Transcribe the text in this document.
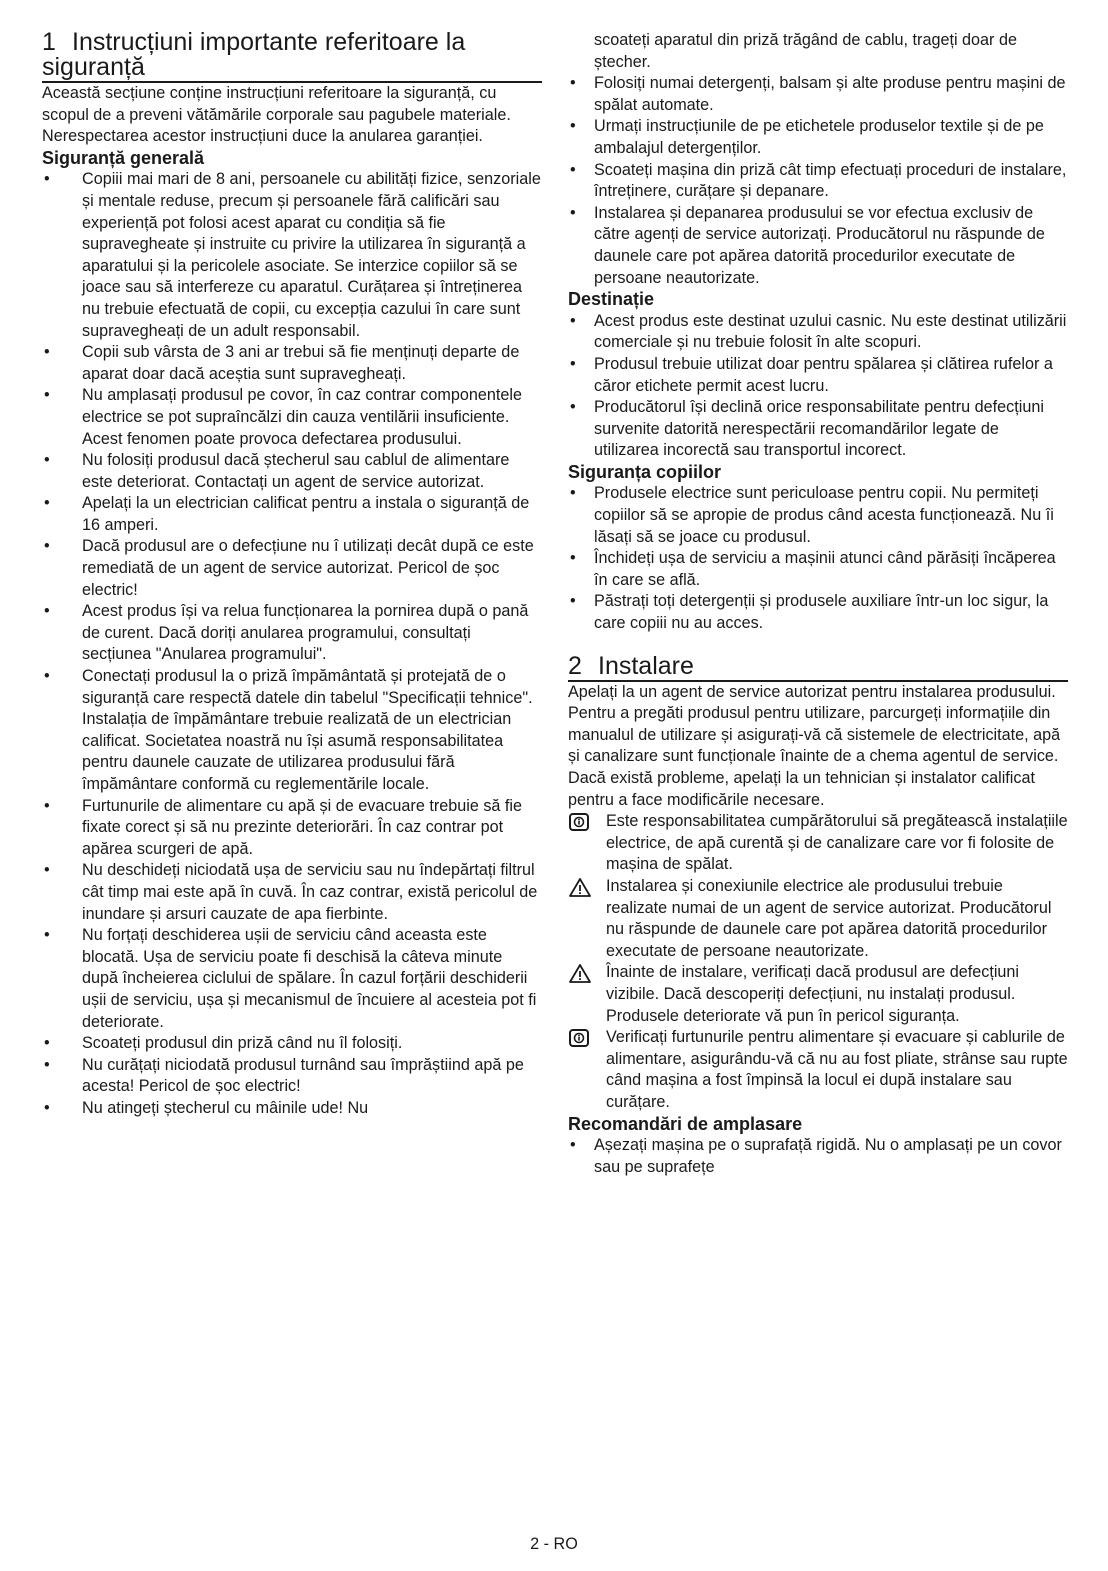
1 Instrucțiuni importante referitoare la siguranță

Această secțiune conține instrucțiuni referitoare la siguranță, cu scopul de a preveni vătămările corporale sau pagubele materiale. Nerespectarea acestor instrucțiuni duce la anularea garanției.

Siguranță generală
• Copiii mai mari de 8 ani, persoanele cu abilități fizice, senzoriale și mentale reduse, precum și persoanele fără calificări sau experiență pot folosi acest aparat cu condiția să fie supravegheate și instruite cu privire la utilizarea în siguranță a aparatului și la pericolele asociate. Se interzice copiilor să se joace sau să interfereze cu aparatul. Curățarea și întreținerea nu trebuie efectuată de copii, cu excepția cazului în care sunt supravegheați de un adult responsabil.
• Copii sub vârsta de 3 ani ar trebui să fie menținuți departe de aparat doar dacă aceștia sunt supravegheați.
• Nu amplasați produsul pe covor, în caz contrar componentele electrice se pot supraîncălzi din cauza ventilării insuficiente. Acest fenomen poate provoca defectarea produsului.
• Nu folosiți produsul dacă ștecherul sau cablul de alimentare este deteriorat. Contactați un agent de service autorizat.
• Apelați la un electrician calificat pentru a instala o siguranță de 16 amperi.
• Dacă produsul are o defecțiune nu î utilizați decât după ce este remediată de un agent de service autorizat. Pericol de șoc electric!
• Acest produs își va relua funcționarea la pornirea după o pană de curent. Dacă doriți anularea programului, consultați secțiunea "Anularea programului".
• Conectați produsul la o priză împământată și protejată de o siguranță care respectă datele din tabelul "Specificații tehnice". Instalația de împământare trebuie realizată de un electrician calificat. Societatea noastră nu își asumă responsabilitatea pentru daunele cauzate de utilizarea produsului fără împământare conformă cu reglementările locale.
• Furtunurile de alimentare cu apă și de evacuare trebuie să fie fixate corect și să nu prezinte deteriorări. În caz contrar pot apărea scurgeri de apă.
• Nu deschideți niciodată ușa de serviciu sau nu îndepărtați filtrul cât timp mai este apă în cuvă. În caz contrar, există pericolul de inundare și arsuri cauzate de apa fierbinte.
• Nu forțați deschiderea ușii de serviciu când aceasta este blocată. Ușa de serviciu poate fi deschisă la câteva minute după încheierea ciclului de spălare. În cazul forțării deschiderii ușii de serviciu, ușa și mecanismul de încuiere al acesteia pot fi deteriorate.
• Scoateți produsul din priză când nu îl folosiți.
• Nu curățați niciodată produsul turnând sau împrăștiind apă pe acesta! Pericol de șoc electric!
• Nu atingeți ștecherul cu mâinile ude! Nu

scoateți aparatul din priză trăgând de cablu, trageți doar de ștecher.

• Folosiți numai detergenți, balsam și alte produse pentru mașini de spălat automate.
• Urmați instrucțiunile de pe etichetele produselor textile și de pe ambalajul detergenților.
• Scoateți mașina din priză cât timp efectuați proceduri de instalare, întreținere, curățare și depanare.
• Instalarea și depanarea produsului se vor efectua exclusiv de către agenți de service autorizați. Producătorul nu răspunde de daunele care pot apărea datorită procedurilor executate de persoane neautorizate.
Destinație
• Acest produs este destinat uzului casnic. Nu este destinat utilizării comerciale și nu trebuie folosit în alte scopuri.
• Produsul trebuie utilizat doar pentru spălarea și clătirea rufelor a căror etichete permit acest lucru.
• Producătorul își declină orice responsabilitate pentru defecțiuni survenite datorită nerespectării recomandărilor legate de utilizarea incorectă sau transportul incorect.
Siguranța copiilor
• Produsele electrice sunt periculoase pentru copii. Nu permiteți copiilor să se apropie de produs când acesta funcționează. Nu îi lăsați să se joace cu produsul.
• Închideți ușa de serviciu a mașinii atunci când părăsiți încăperea în care se află.
• Păstrați toți detergenții și produsele auxiliare într-un loc sigur, la care copiii nu au acces.
2 Instalare

Apelați la un agent de service autorizat pentru instalarea produsului. Pentru a pregăti produsul pentru utilizare, parcurgeți informațiile din manualul de utilizare și asigurați-vă că sistemele de electricitate, apă și canalizare sunt funcționale înainte de a chema agentul de service. Dacă există probleme, apelați la un tehnician și instalator calificat pentru a face modificările necesare.

Este responsabilitatea cumpărătorului să pregătească instalațiile electrice, de apă curentă și de canalizare care vor fi folosite de mașina de spălat.
Instalarea și conexiunile electrice ale produsului trebuie realizate numai de un agent de service autorizat. Producătorul nu răspunde de daunele care pot apărea datorită procedurilor executate de persoane neautorizate.
Înainte de instalare, verificați dacă produsul are defecțiuni vizibile. Dacă descoperiți defecțiuni, nu instalați produsul. Produsele deteriorate vă pun în pericol siguranța.
Verificați furtunurile pentru alimentare și evacuare și cablurile de alimentare, asigurându-vă că nu au fost pliate, strânse sau rupte când mașina a fost împinsă la locul ei după instalare sau curățare.
Recomandări de amplasare
• Așezați mașina pe o suprafață rigidă. Nu o amplasați pe un covor sau pe suprafețe
2 - RO
